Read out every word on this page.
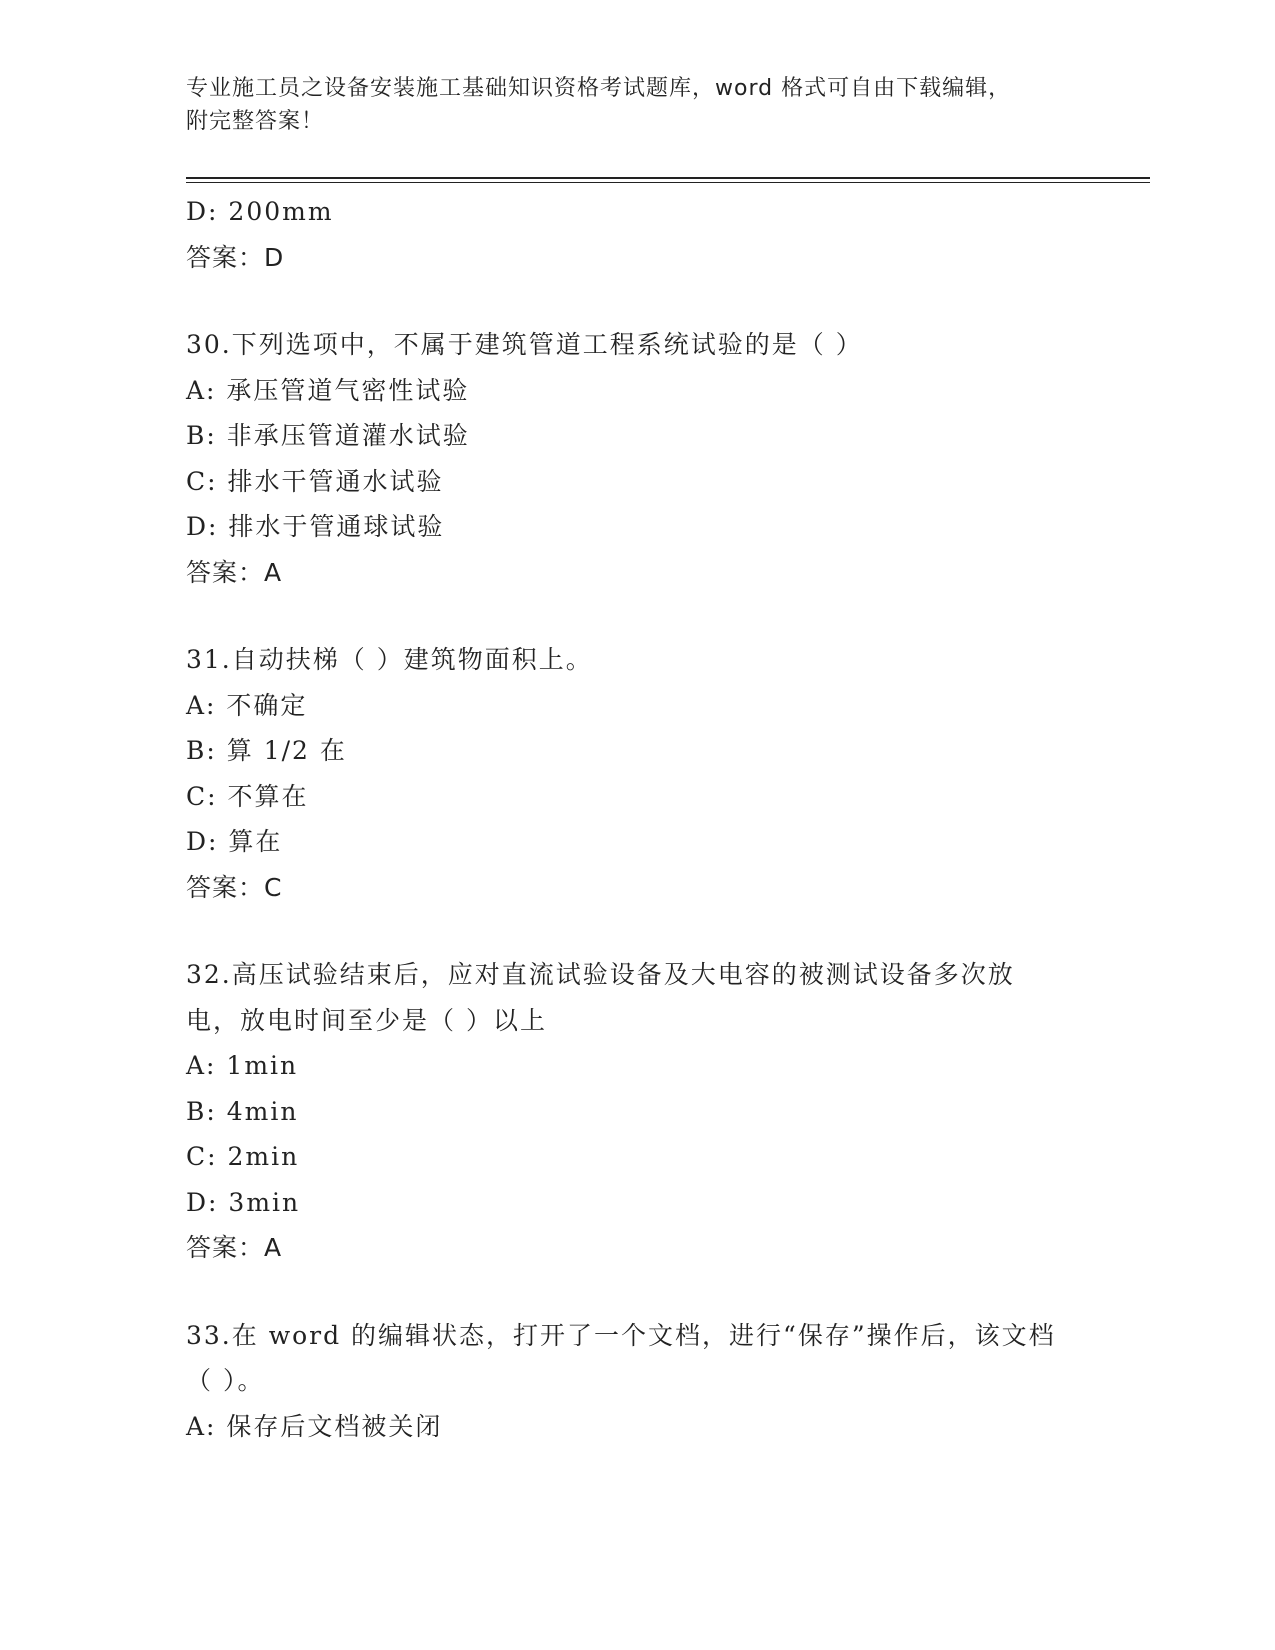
专业施工员之设备安装施工基础知识资格考试题库，word 格式可自由下载编辑，
附完整答案！
D: 200mm
答案：D
30.下列选项中，不属于建筑管道工程系统试验的是（ ）
A: 承压管道气密性试验
B: 非承压管道灌水试验
C: 排水干管通水试验
D: 排水于管通球试验
答案：A
31.自动扶梯（ ）建筑物面积上。
A: 不确定
B: 算 1/2 在
C: 不算在
D: 算在
答案：C
32.高压试验结束后，应对直流试验设备及大电容的被测试设备多次放电，放电时间至少是（ ）以上
A: 1min
B: 4min
C: 2min
D: 3min
答案：A
33.在 word 的编辑状态，打开了一个文档，进行“保存”操作后，该文档（ ）。
A: 保存后文档被关闭
